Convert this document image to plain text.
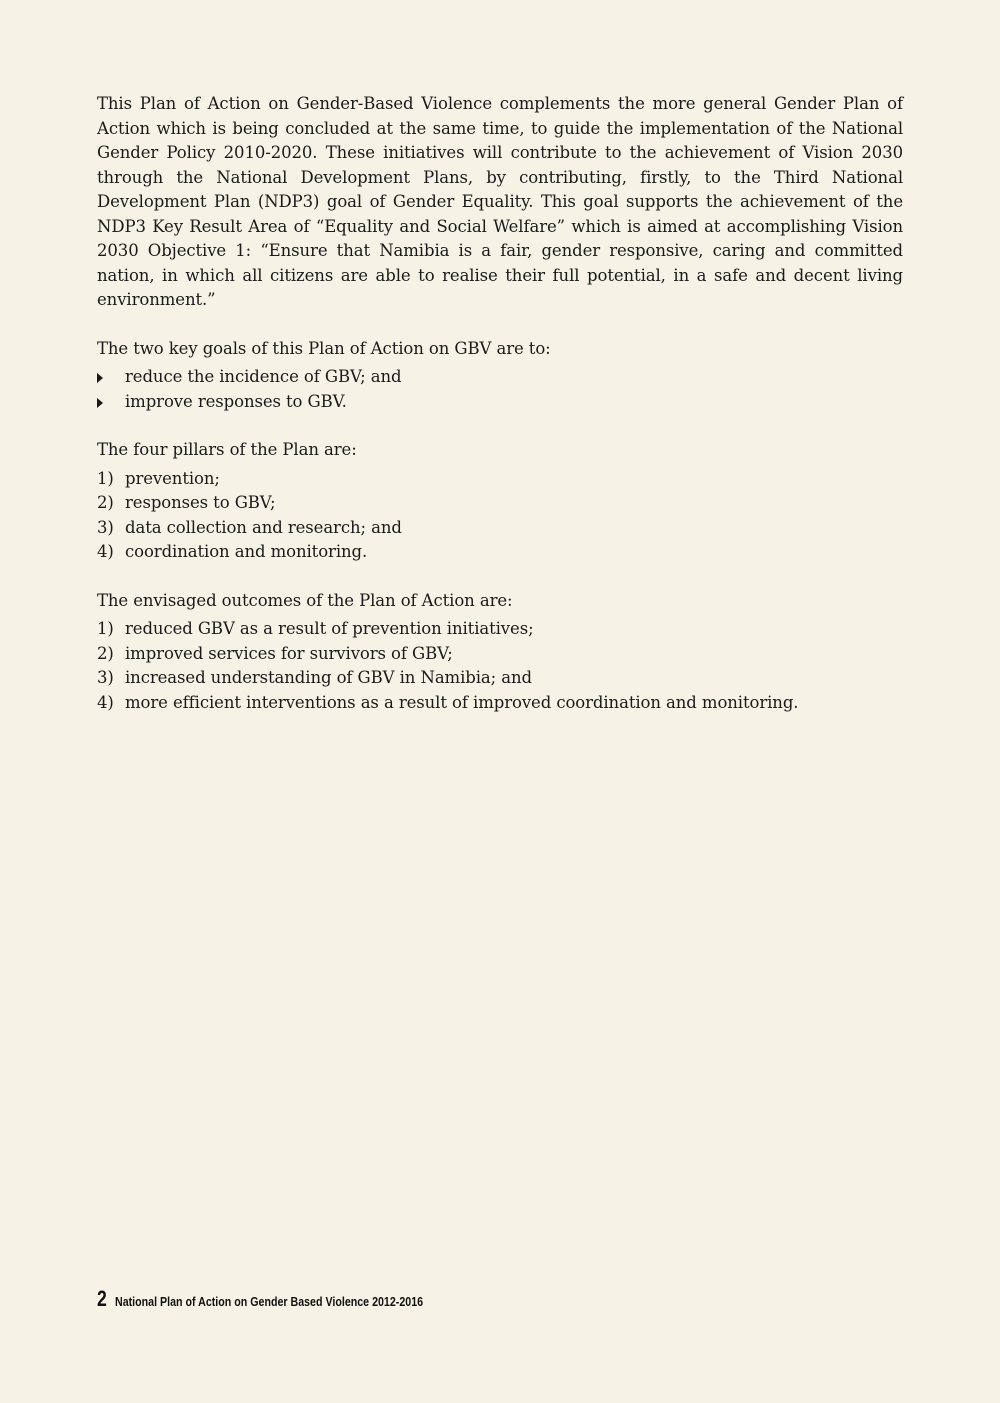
This Plan of Action on Gender-Based Violence complements the more general Gender Plan of Action which is being concluded at the same time, to guide the implementation of the National Gender Policy 2010-2020. These initiatives will contribute to the achievement of Vision 2030 through the National Development Plans, by contributing, firstly, to the Third National Development Plan (NDP3) goal of Gender Equality. This goal supports the achievement of the NDP3 Key Result Area of “Equality and Social Welfare” which is aimed at accomplishing Vision 2030 Objective 1: “Ensure that Namibia is a fair, gender responsive, caring and committed nation, in which all citizens are able to realise their full potential, in a safe and decent living environment.”

The two key goals of this Plan of Action on GBV are to:

reduce the incidence of GBV; and
improve responses to GBV.

The four pillars of the Plan are:

1) prevention;
2) responses to GBV;
3) data collection and research; and
4) coordination and monitoring.

The envisaged outcomes of the Plan of Action are:

1) reduced GBV as a result of prevention initiatives;
2) improved services for survivors of GBV;
3) increased understanding of GBV in Namibia; and
4) more efficient interventions as a result of improved coordination and monitoring.
2 National Plan of Action on Gender Based Violence 2012-2016
